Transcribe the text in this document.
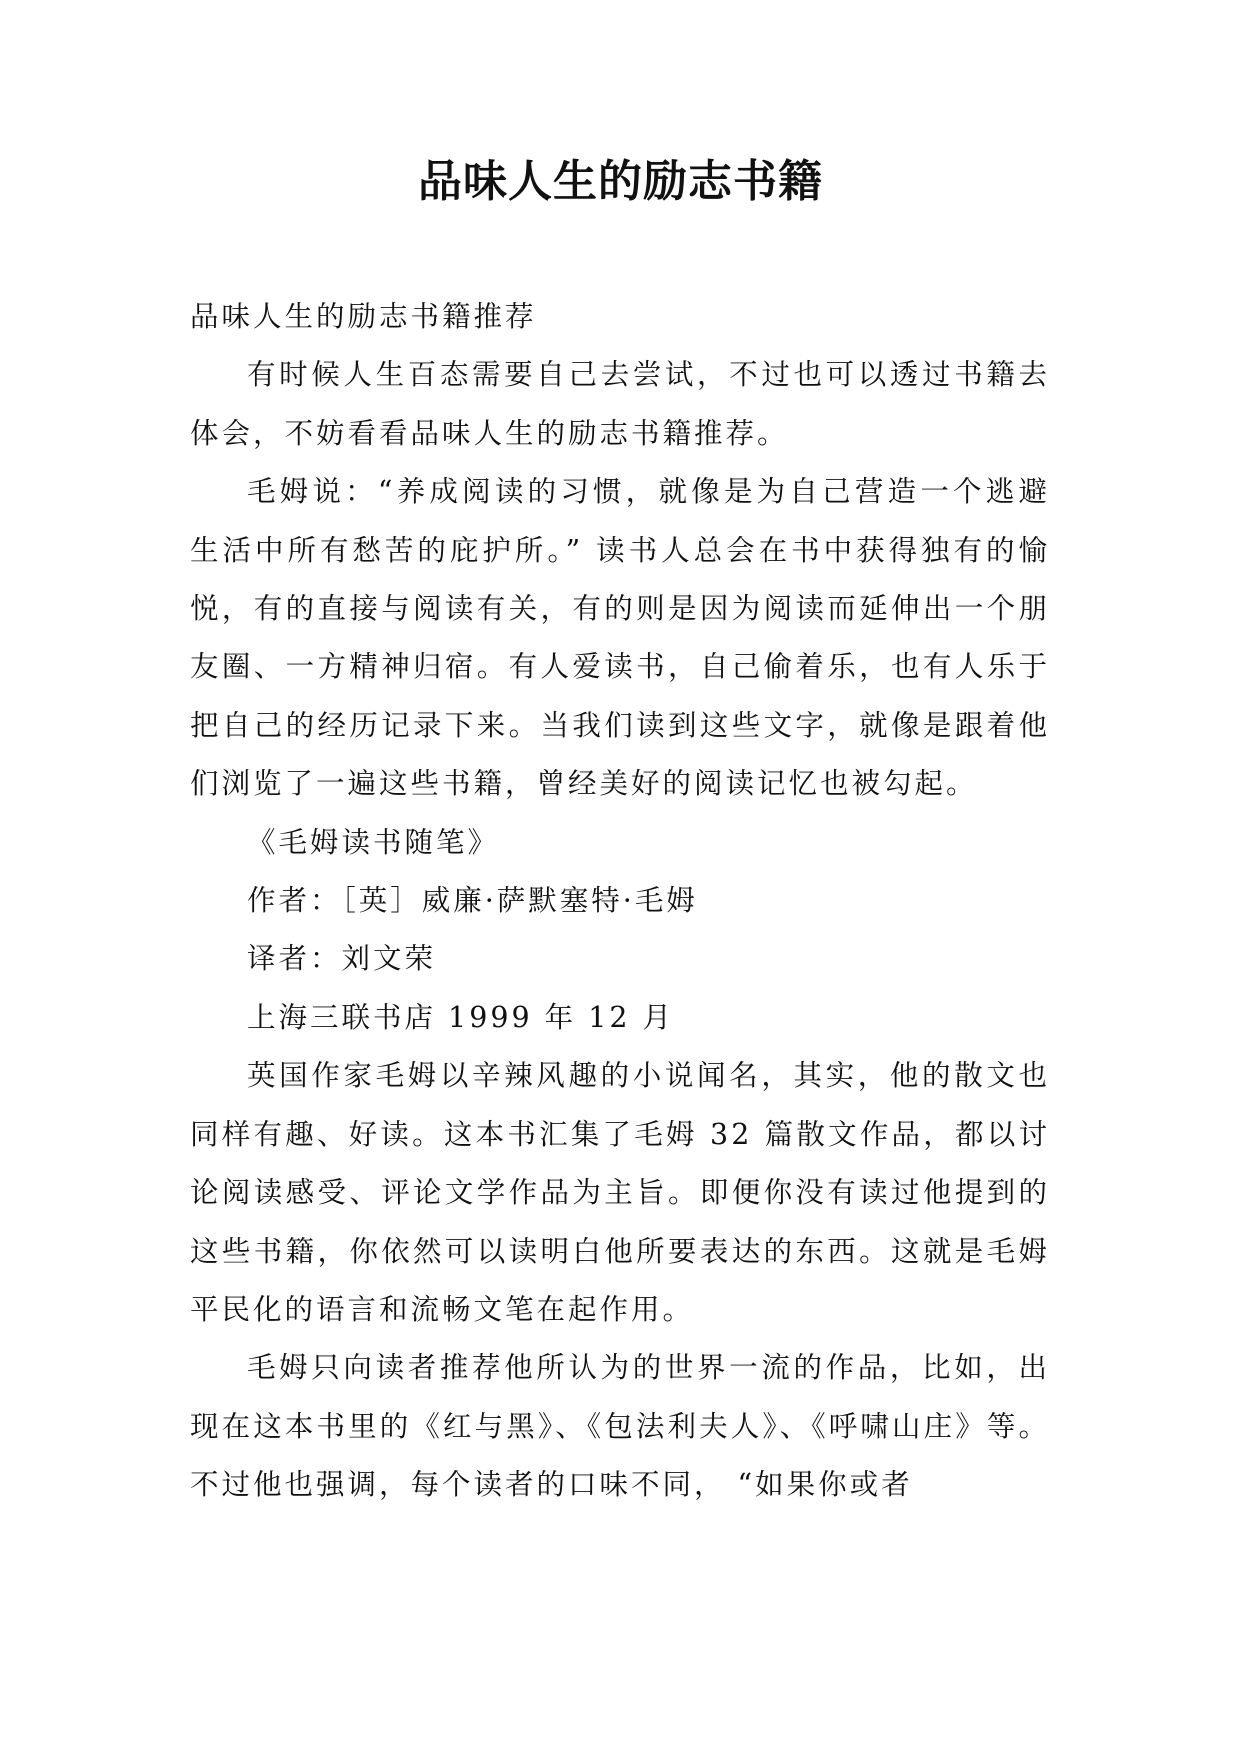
品味人生的励志书籍

品味人生的励志书籍推荐

有时候人生百态需要自己去尝试，不过也可以透过书籍去体会，不妨看看品味人生的励志书籍推荐。

毛姆说：“养成阅读的习惯，就像是为自己营造一个逃避生活中所有愁苦的庇护所。” 读书人总会在书中获得独有的愉悦，有的直接与阅读有关，有的则是因为阅读而延伸出一个朋友圈、一方精神归宿。有人爱读书，自己偷着乐，也有人乐于把自己的经历记录下来。当我们读到这些文字，就像是跟着他们浏览了一遍这些书籍，曾经美好的阅读记忆也被勾起。

《毛姆读书随笔》

作者：［英］威廉·萨默塞特·毛姆

译者：刘文荣

上海三联书店 1999 年 12 月

英国作家毛姆以辛辣风趣的小说闻名，其实，他的散文也同样有趣、好读。这本书汇集了毛姆 32 篇散文作品，都以讨论阅读感受、评论文学作品为主旨。即便你没有读过他提到的这些书籍，你依然可以读明白他所要表达的东西。这就是毛姆平民化的语言和流畅文笔在起作用。

毛姆只向读者推荐他所认为的世界一流的作品，比如，出现在这本书里的《红与黑》、《包法利夫人》、《呼啸山庄》等。不过他也强调，每个读者的口味不同， “如果你或者
